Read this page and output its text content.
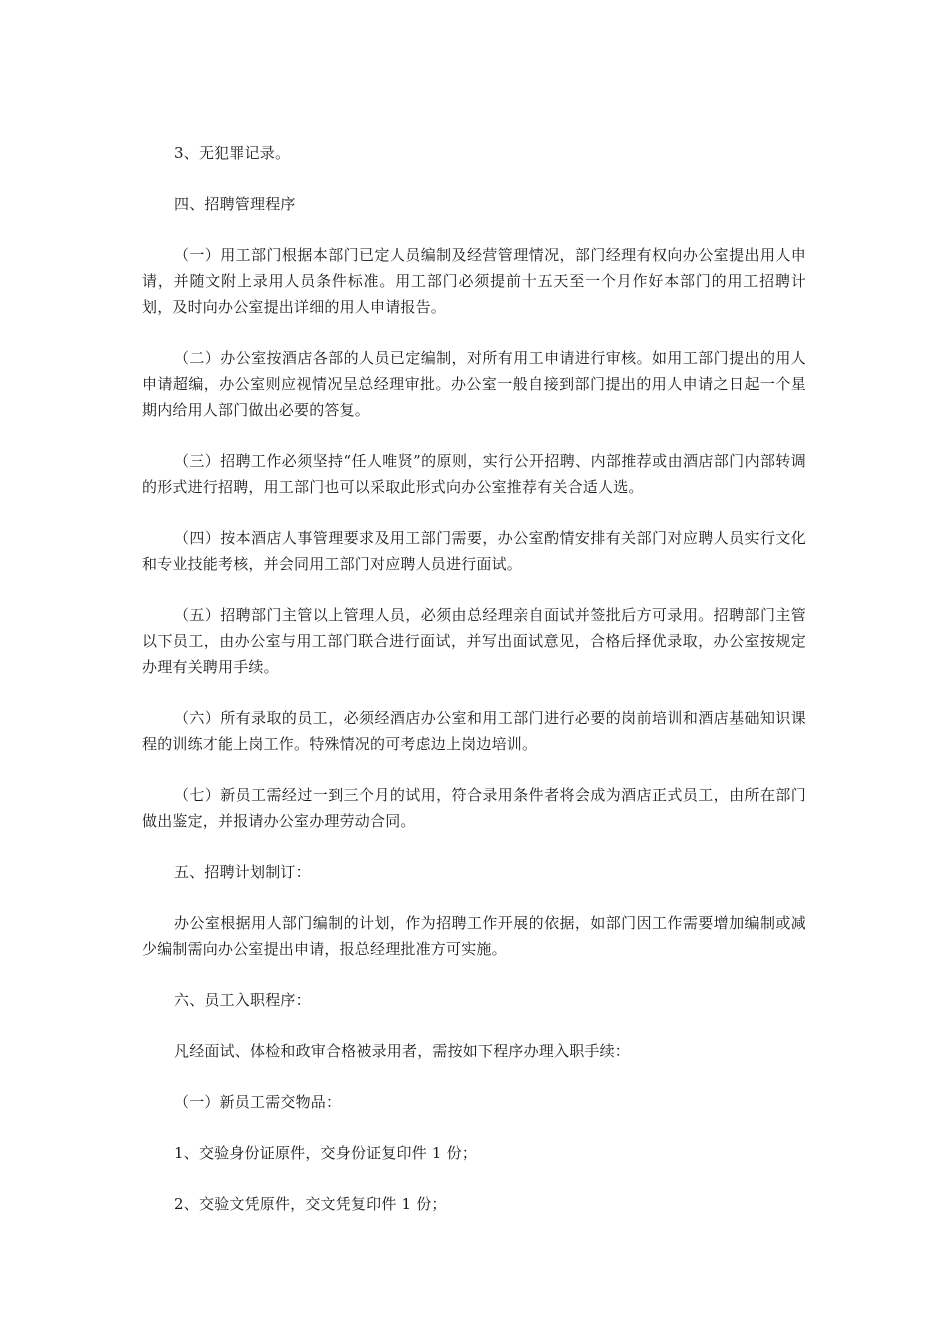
3、无犯罪记录。

四、招聘管理程序

（一）用工部门根据本部门已定人员编制及经营管理情况，部门经理有权向办公室提出用人申请，并随文附上录用人员条件标准。用工部门必须提前十五天至一个月作好本部门的用工招聘计划，及时向办公室提出详细的用人申请报告。

（二）办公室按酒店各部的人员已定编制，对所有用工申请进行审核。如用工部门提出的用人申请超编，办公室则应视情况呈总经理审批。办公室一般自接到部门提出的用人申请之日起一个星期内给用人部门做出必要的答复。

（三）招聘工作必须坚持“任人唯贤”的原则，实行公开招聘、内部推荐或由酒店部门内部转调的形式进行招聘，用工部门也可以采取此形式向办公室推荐有关合适人选。

（四）按本酒店人事管理要求及用工部门需要，办公室酌情安排有关部门对应聘人员实行文化和专业技能考核，并会同用工部门对应聘人员进行面试。

（五）招聘部门主管以上管理人员，必须由总经理亲自面试并签批后方可录用。招聘部门主管以下员工，由办公室与用工部门联合进行面试，并写出面试意见，合格后择优录取，办公室按规定办理有关聘用手续。

（六）所有录取的员工，必须经酒店办公室和用工部门进行必要的岗前培训和酒店基础知识课程的训练才能上岗工作。特殊情况的可考虑边上岗边培训。

（七）新员工需经过一到三个月的试用，符合录用条件者将会成为酒店正式员工，由所在部门做出鉴定，并报请办公室办理劳动合同。

五、招聘计划制订：

办公室根据用人部门编制的计划，作为招聘工作开展的依据，如部门因工作需要增加编制或减少编制需向办公室提出申请，报总经理批准方可实施。

六、员工入职程序：

凡经面试、体检和政审合格被录用者，需按如下程序办理入职手续：

（一）新员工需交物品：

1、交验身份证原件，交身份证复印件 1 份；

2、交验文凭原件，交文凭复印件 1 份；
